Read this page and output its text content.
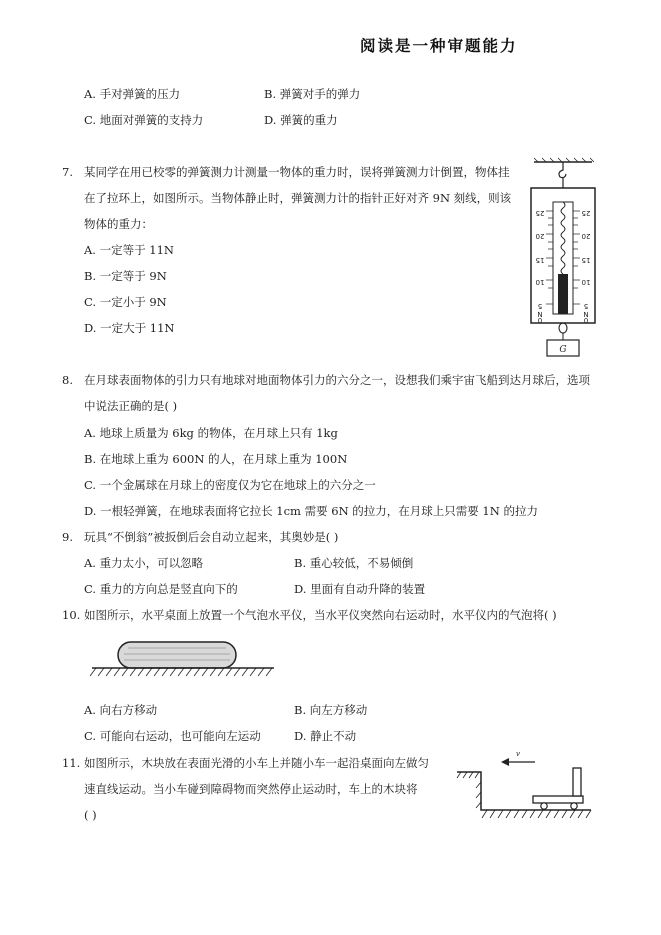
阅读是一种审题能力
A. 手对弹簧的压力	B. 弹簧对手的弹力
C. 地面对弹簧的支持力	D. 弹簧的重力
7. 某同学在用已校零的弹簧测力计测量一物体的重力时，误将弹簧测力计倒置，物体挂
在了拉环上，如图所示。当物体静止时，弹簧测力计的指针正好对齐 9N 刻线，则该
物体的重力：
A. 一定等于 11N
B. 一定等于 9N
C. 一定小于 9N
D. 一定大于 11N
25
20
15
10
5
0
25
20
15
10
5
0
N	N
G
8. 在月球表面物体的引力只有地球对地面物体引力的六分之一，设想我们乘宇宙飞船到达月球后，选项
中说法正确的是( )
A. 地球上质量为 6kg 的物体，在月球上只有 1kg
B. 在地球上重为 600N 的人，在月球上重为 100N
C. 一个金属球在月球上的密度仅为它在地球上的六分之一
D. 一根轻弹簧，在地球表面将它拉长 1cm 需要 6N 的拉力，在月球上只需要 1N 的拉力
9. 玩具“不倒翁”被扳倒后会自动立起来，其奥妙是( )
A. 重力太小，可以忽略	B. 重心较低，不易倾倒
C. 重力的方向总是竖直向下的	D. 里面有自动升降的装置
10. 如图所示，水平桌面上放置一个气泡水平仪，当水平仪突然向右运动时，水平仪内的气泡将( )
A. 向右方移动	B. 向左方移动
C. 可能向右运动，也可能向左运动	D. 静止不动
11. 如图所示，木块放在表面光滑的小车上并随小车一起沿桌面向左做匀
速直线运动。当小车碰到障碍物而突然停止运动时，车上的木块将
( )
v
